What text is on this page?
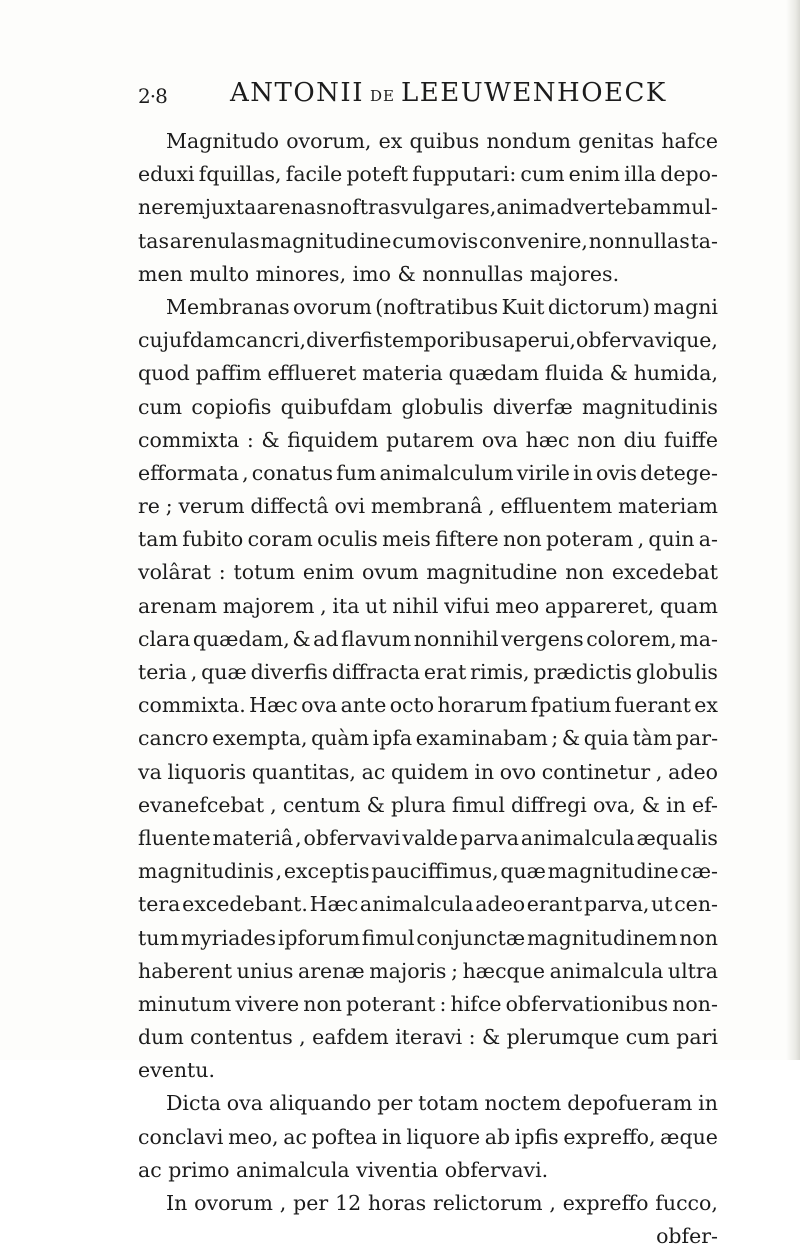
2·8 ANTONII DE LEEUWENHOECK
Magnitudo ovorum, ex quibus nondum genitas hafce
eduxi fquillas, facile poteft fupputari: cum enim illa depo-
nerem juxta arenas noftras vulgares, animadvertebam mul-
tas arenulas magnitudine cum ovis convenire, nonnullas ta-
men multo minores, imo & nonnullas majores.
Membranas ovorum (noftratibus Kuit dictorum) magni
cujufdam cancri, diverfis temporibus aperui, obfervavique,
quod paffim efflueret materia quædam fluida & humida,
cum copiofis quibufdam globulis diverfæ magnitudinis
commixta : & fiquidem putarem ova hæc non diu fuiffe
efformata , conatus fum animalculum virile in ovis detege-
re ; verum diffectâ ovi membranâ , effluentem materiam
tam fubito coram oculis meis fiftere non poteram , quin a-
volârat : totum enim ovum magnitudine non excedebat
arenam majorem , ita ut nihil vifui meo appareret, quam
clara quædam, & ad flavum nonnihil vergens colorem, ma-
teria , quæ diverfis diffracta erat rimis, prædictis globulis
commixta. Hæc ova ante octo horarum fpatium fuerant ex
cancro exempta, quàm ipfa examinabam ; & quia tàm par-
va liquoris quantitas, ac quidem in ovo continetur , adeo
evanefcebat , centum & plura fimul diffregi ova, & in ef-
fluente materiâ , obfervavi valde parva animalcula æqualis
magnitudinis , exceptis pauciffimus, quæ magnitudine cæ-
tera excedebant. Hæc animalcula adeo erant parva, ut cen-
tum myriades ipforum fimul conjunctæ magnitudinem non
haberent unius arenæ majoris ; hæcque animalcula ultra
minutum vivere non poterant : hifce obfervationibus non-
dum contentus , eafdem iteravi : & plerumque cum pari
eventu.
Dicta ova aliquando per totam noctem depofueram in
conclavi meo, ac poftea in liquore ab ipfis expreffo, æque
ac primo animalcula viventia obfervavi.
In ovorum , per 12 horas relictorum , expreffo fucco,
obfer-
